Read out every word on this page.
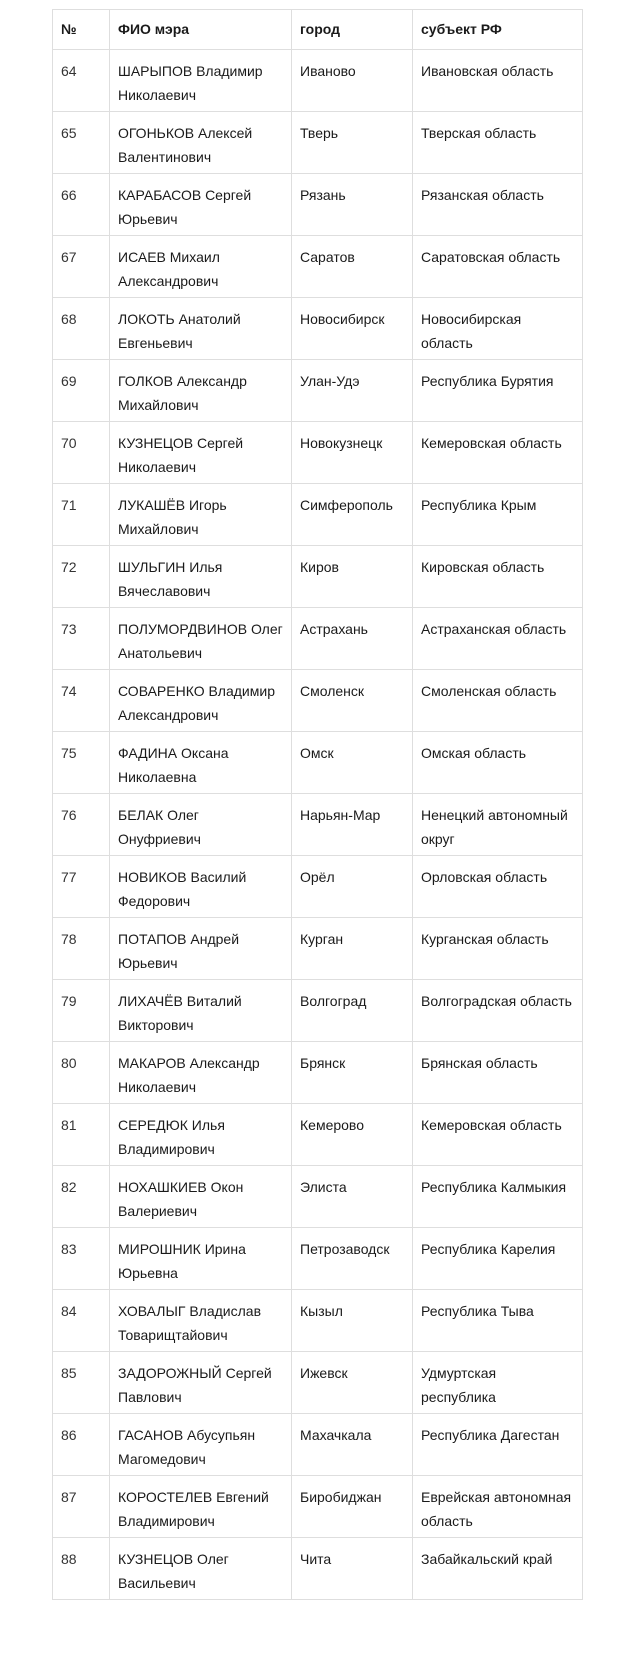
№	ФИО мэра	город	субъект РФ
64	ШАРЫПОВ Владимир Николаевич	Иваново	Ивановская область
65	ОГОНЬКОВ Алексей Валентинович	Тверь	Тверская область
66	КАРАБАСОВ Сергей Юрьевич	Рязань	Рязанская область
67	ИСАЕВ Михаил Александрович	Саратов	Саратовская область
68	ЛОКОТЬ Анатолий Евгеньевич	Новосибирск	Новосибирская область
69	ГОЛКОВ Александр Михайлович	Улан-Удэ	Республика Бурятия
70	КУЗНЕЦОВ Сергей Николаевич	Новокузнецк	Кемеровская область
71	ЛУКАШЁВ Игорь Михайлович	Симферополь	Республика Крым
72	ШУЛЬГИН Илья Вячеславович	Киров	Кировская область
73	ПОЛУМОРДВИНОВ Олег Анатольевич	Астрахань	Астраханская область
74	СОВАРЕНКО Владимир Александрович	Смоленск	Смоленская область
75	ФАДИНА Оксана Николаевна	Омск	Омская область
76	БЕЛАК Олег Онуфриевич	Нарьян-Мар	Ненецкий автономный округ
77	НОВИКОВ Василий Федорович	Орёл	Орловская область
78	ПОТАПОВ Андрей Юрьевич	Курган	Курганская область
79	ЛИХАЧЁВ Виталий Викторович	Волгоград	Волгоградская область
80	МАКАРОВ Александр Николаевич	Брянск	Брянская область
81	СЕРЕДЮК Илья Владимирович	Кемерово	Кемеровская область
82	НОХАШКИЕВ Окон Валериевич	Элиста	Республика Калмыкия
83	МИРОШНИК Ирина Юрьевна	Петрозаводск	Республика Карелия
84	ХОВАЛЫГ Владислав Товарищтайович	Кызыл	Республика Тыва
85	ЗАДОРОЖНЫЙ Сергей Павлович	Ижевск	Удмуртская республика
86	ГАСАНОВ Абусупьян Магомедович	Махачкала	Республика Дагестан
87	КОРОСТЕЛЕВ Евгений Владимирович	Биробиджан	Еврейская автономная область
88	КУЗНЕЦОВ Олег Васильевич	Чита	Забайкальский край
